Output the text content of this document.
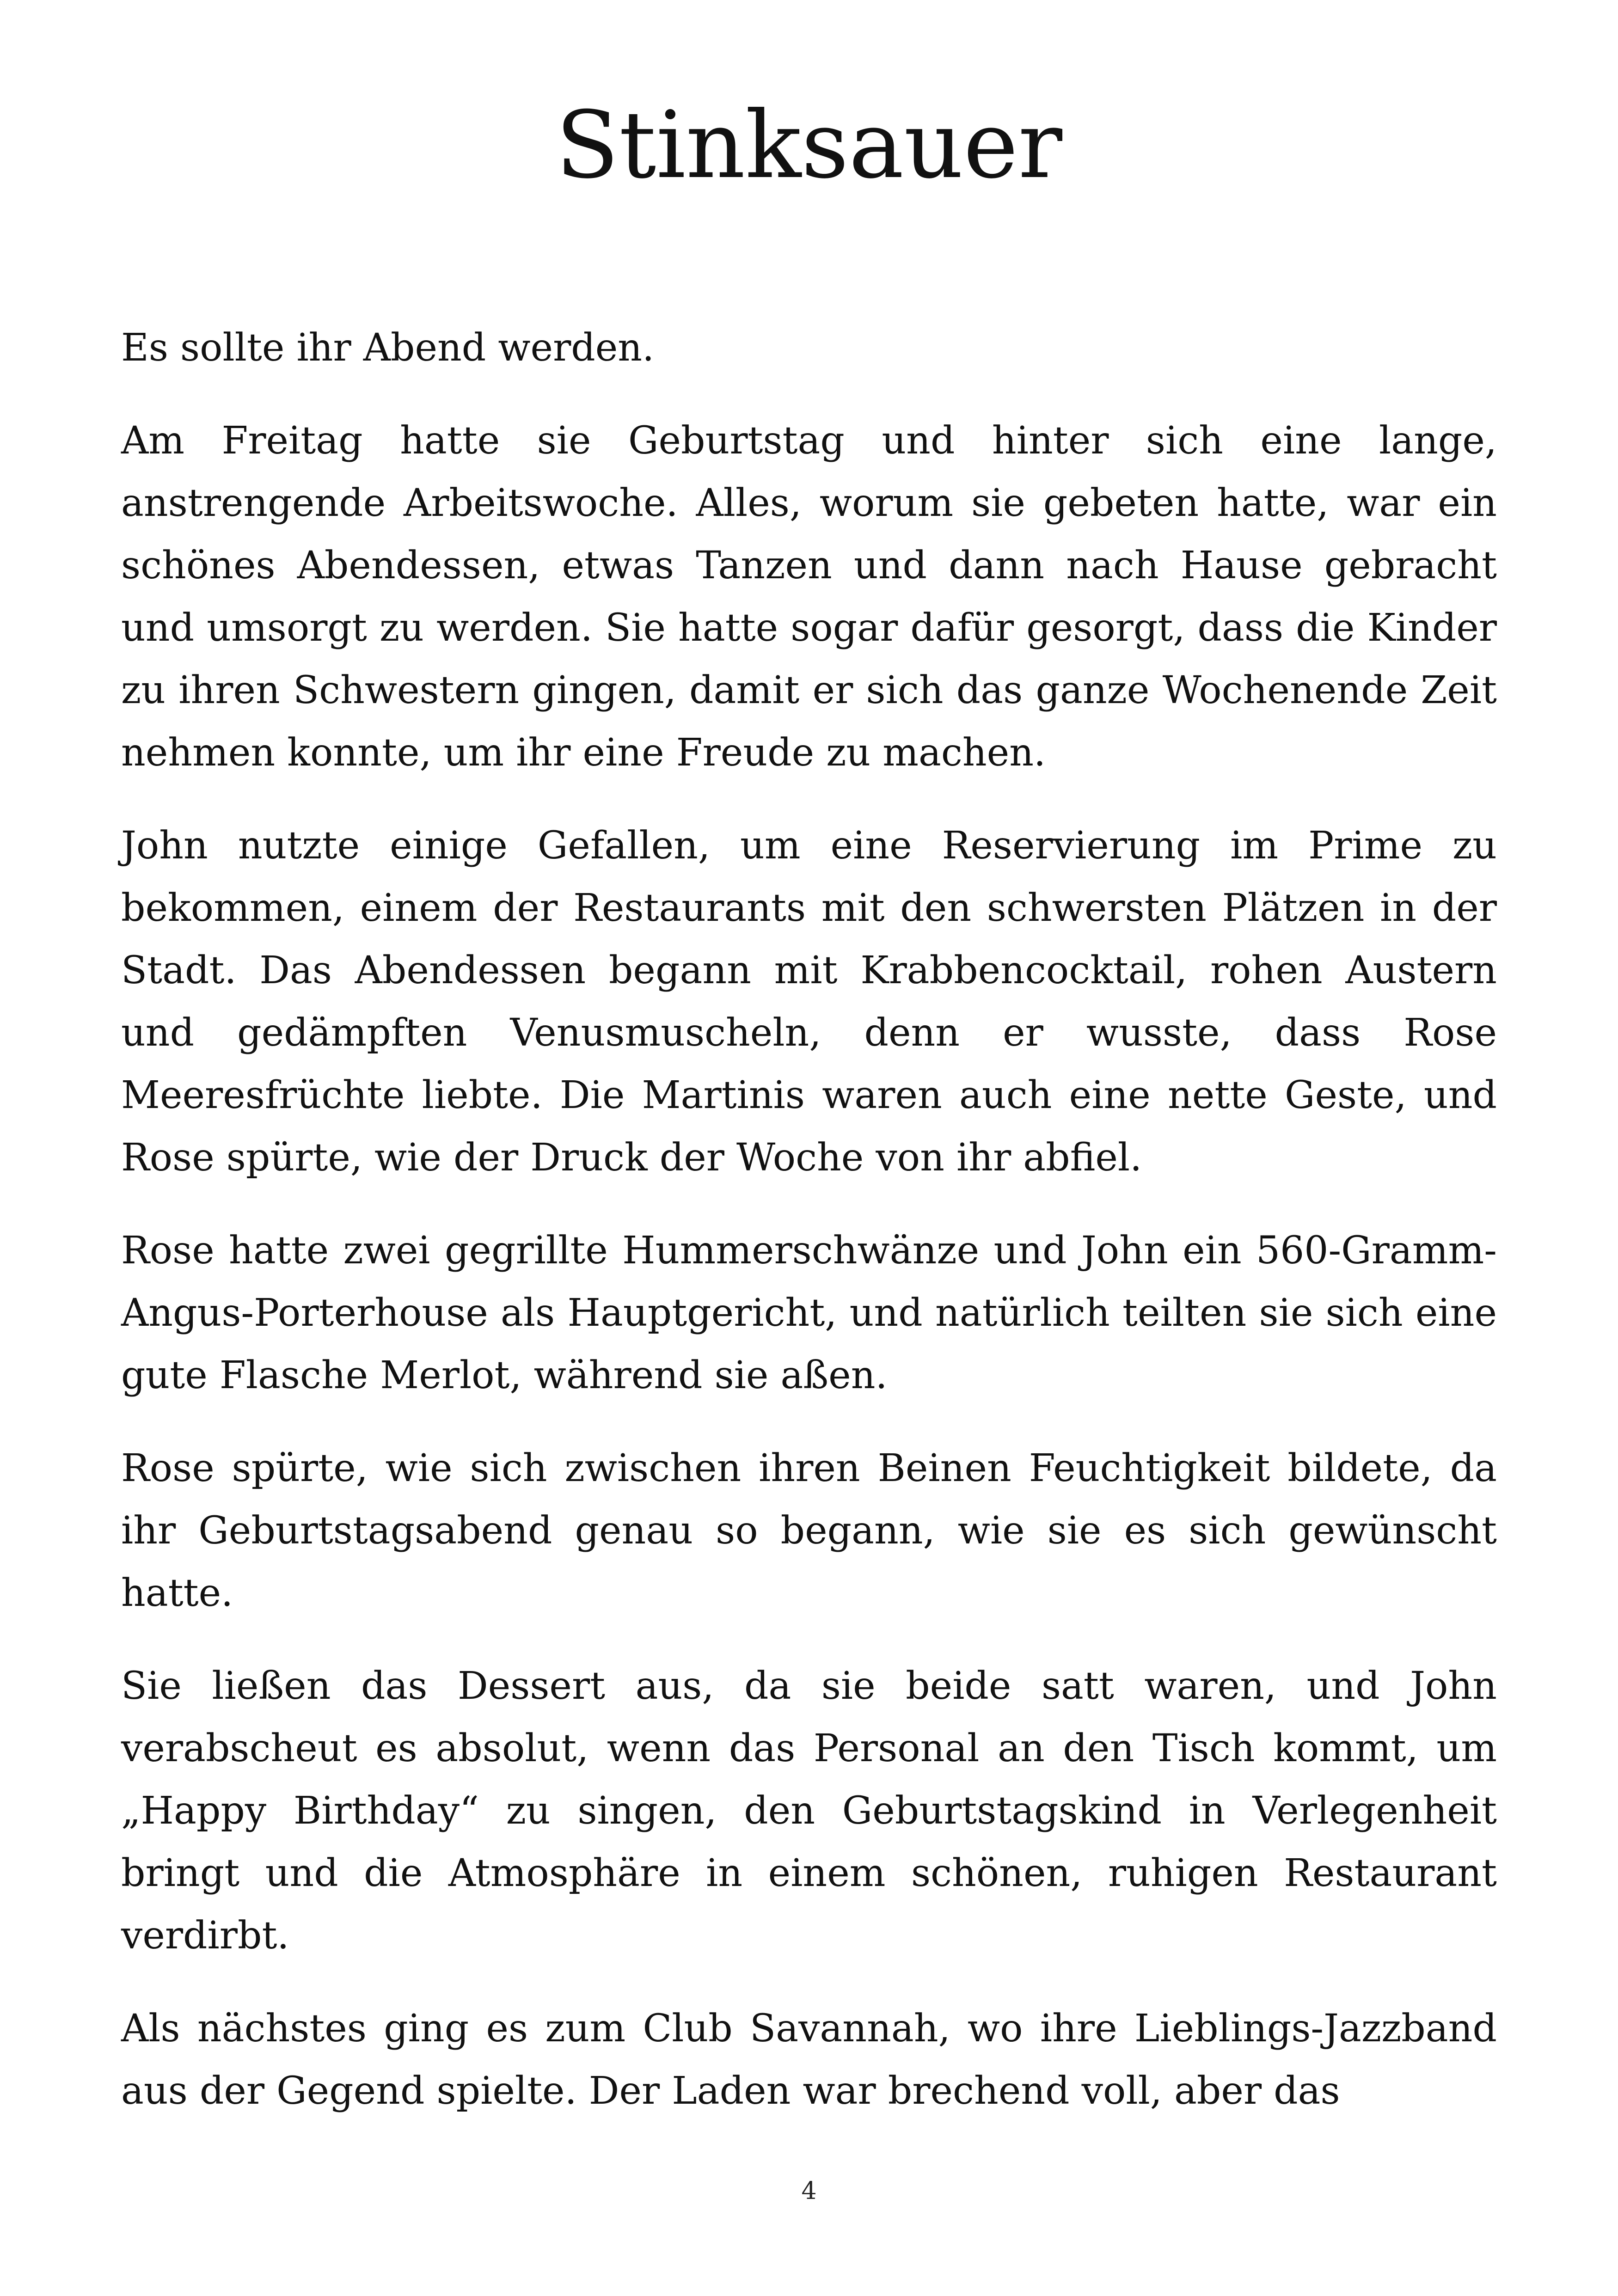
Stinksauer

Es sollte ihr Abend werden.

Am Freitag hatte sie Geburtstag und hinter sich eine lange, anstrengende Arbeitswoche. Alles, worum sie gebeten hatte, war ein schönes Abendessen, etwas Tanzen und dann nach Hause gebracht und umsorgt zu werden. Sie hatte sogar dafür gesorgt, dass die Kinder zu ihren Schwestern gingen, damit er sich das ganze Wochenende Zeit nehmen konnte, um ihr eine Freude zu machen.

John nutzte einige Gefallen, um eine Reservierung im Prime zu bekommen, einem der Restaurants mit den schwersten Plätzen in der Stadt. Das Abendessen begann mit Krabbencocktail, rohen Austern und gedämpften Venusmuscheln, denn er wusste, dass Rose Meeresfrüchte liebte. Die Martinis waren auch eine nette Geste, und Rose spürte, wie der Druck der Woche von ihr abfiel.

Rose hatte zwei gegrillte Hummerschwänze und John ein 560-Gramm-Angus-Porterhouse als Hauptgericht, und natürlich teilten sie sich eine gute Flasche Merlot, während sie aßen.

Rose spürte, wie sich zwischen ihren Beinen Feuchtigkeit bildete, da ihr Geburtstagsabend genau so begann, wie sie es sich gewünscht hatte.

Sie ließen das Dessert aus, da sie beide satt waren, und John verabscheut es absolut, wenn das Personal an den Tisch kommt, um „Happy Birthday“ zu singen, den Geburtstagskind in Verlegenheit bringt und die Atmosphäre in einem schönen, ruhigen Restaurant verdirbt.

Als nächstes ging es zum Club Savannah, wo ihre Lieblings-Jazzband aus der Gegend spielte. Der Laden war brechend voll, aber das

4
